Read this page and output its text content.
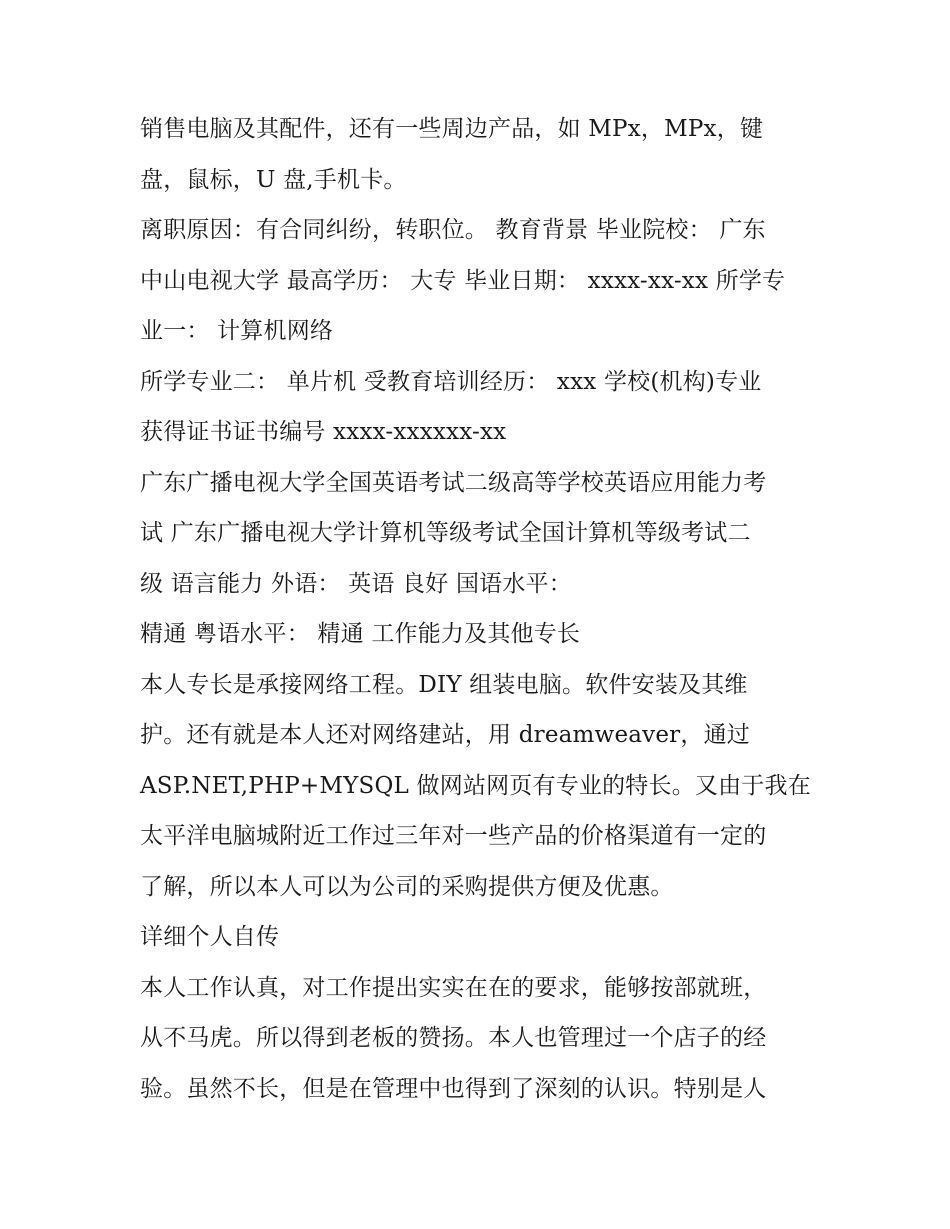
销售电脑及其配件，还有一些周边产品，如 MPx，MPx，键
盘，鼠标，U 盘,手机卡。
离职原因：有合同纠纷，转职位。 教育背景 毕业院校： 广东
中山电视大学 最高学历： 大专 毕业日期： xxxx-xx-xx 所学专
业一： 计算机网络
所学专业二： 单片机 受教育培训经历： xxx 学校(机构)专业
获得证书证书编号 xxxx-xxxxxx-xx
广东广播电视大学全国英语考试二级高等学校英语应用能力考
试 广东广播电视大学计算机等级考试全国计算机等级考试二
级 语言能力 外语： 英语 良好 国语水平：
精通 粤语水平： 精通 工作能力及其他专长
本人专长是承接网络工程。DIY 组装电脑。软件安装及其维
护。还有就是本人还对网络建站，用 dreamweaver，通过
ASP.NET,PHP+MYSQL 做网站网页有专业的特长。又由于我在
太平洋电脑城附近工作过三年对一些产品的价格渠道有一定的
了解，所以本人可以为公司的采购提供方便及优惠。
详细个人自传
本人工作认真，对工作提出实实在在的要求，能够按部就班，
从不马虎。所以得到老板的赞扬。本人也管理过一个店子的经
验。虽然不长，但是在管理中也得到了深刻的认识。特别是人
